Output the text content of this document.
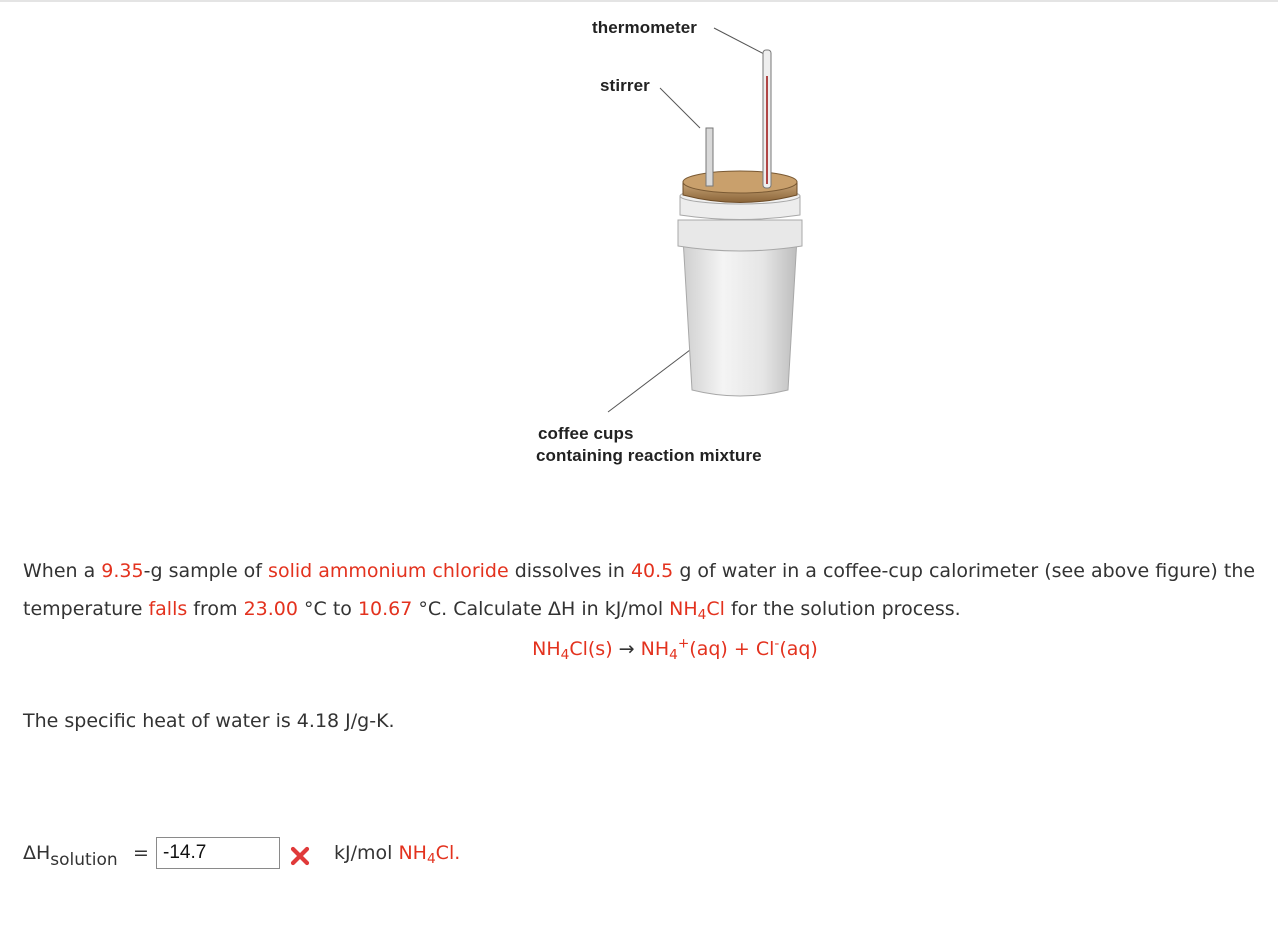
thermometer
stirrer
coffee cups
containing reaction mixture
When a 9.35-g sample of solid ammonium chloride dissolves in 40.5 g of water in a coffee-cup calorimeter (see above figure) the temperature falls from 23.00 °C to 10.67 °C. Calculate ΔH in kJ/mol $NH_4Cl$ for the solution process.
$NH_4Cl(s) \to NH_4^+(aq) + Cl^-(aq)$
The specific heat of water is 4.18 J/g-K.
$\Delta H_{solution}$ =
-14.7	kJ/mol $NH_4Cl$.
